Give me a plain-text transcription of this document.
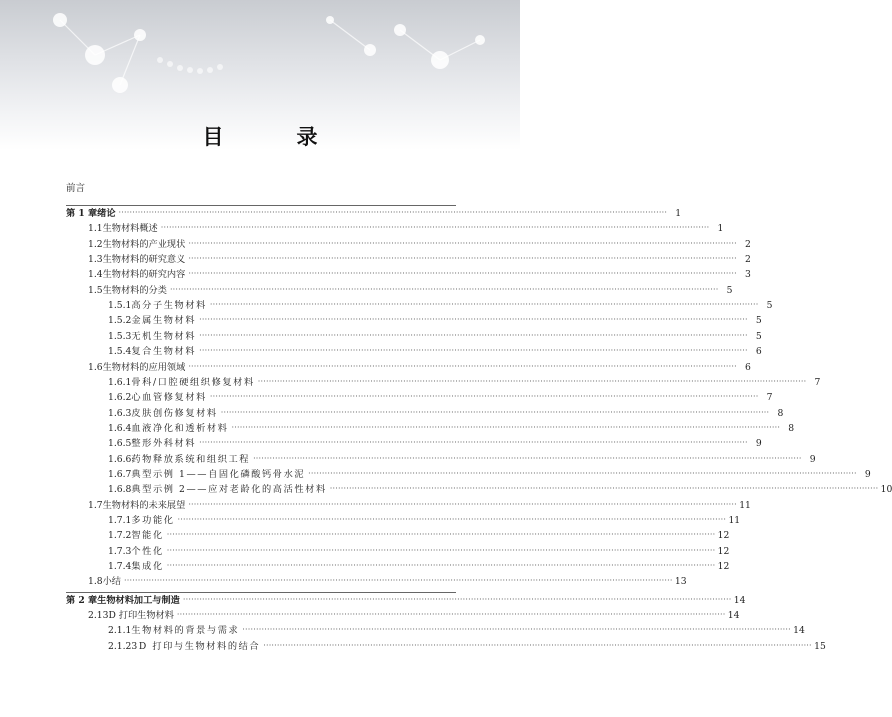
目　录
前言
第 1 章 绪论 ········································································································································································································ 1
1.1 生物材料概述 ········································································································································································································ 1
1.2 生物材料的产业现状 ········································································································································································································ 2
1.3 生物材料的研究意义 ········································································································································································································ 2
1.4 生物材料的研究内容 ········································································································································································································ 3
1.5 生物材料的分类 ········································································································································································································ 5
1.5.1 高分子生物材料 ········································································································································································································ 5
1.5.2 金属生物材料 ········································································································································································································ 5
1.5.3 无机生物材料 ········································································································································································································ 5
1.5.4 复合生物材料 ········································································································································································································ 6
1.6 生物材料的应用领域 ········································································································································································································ 6
1.6.1 骨科/口腔硬组织修复材料 ········································································································································································································ 7
1.6.2 心血管修复材料 ········································································································································································································ 7
1.6.3 皮肤创伤修复材料 ········································································································································································································ 8
1.6.4 血液净化和透析材料 ········································································································································································································ 8
1.6.5 整形外科材料 ········································································································································································································ 9
1.6.6 药物释放系统和组织工程 ········································································································································································································ 9
1.6.7 典型示例 1——自固化磷酸钙骨水泥 ········································································································································································································ 9
1.6.8 典型示例 2——应对老龄化的高活性材料 ········································································································································································································ 10
1.7 生物材料的未来展望 ········································································································································································································ 11
1.7.1 多功能化 ········································································································································································································ 11
1.7.2 智能化 ········································································································································································································ 12
1.7.3 个性化 ········································································································································································································ 12
1.7.4 集成化 ········································································································································································································ 12
1.8 小结 ········································································································································································································ 13
第 2 章 生物材料加工与制造 ········································································································································································································ 14
2.1 3D 打印生物材料 ········································································································································································································ 14
2.1.1 生物材料的背景与需求 ········································································································································································································ 14
2.1.2 3D 打印与生物材料的结合 ········································································································································································································ 15
